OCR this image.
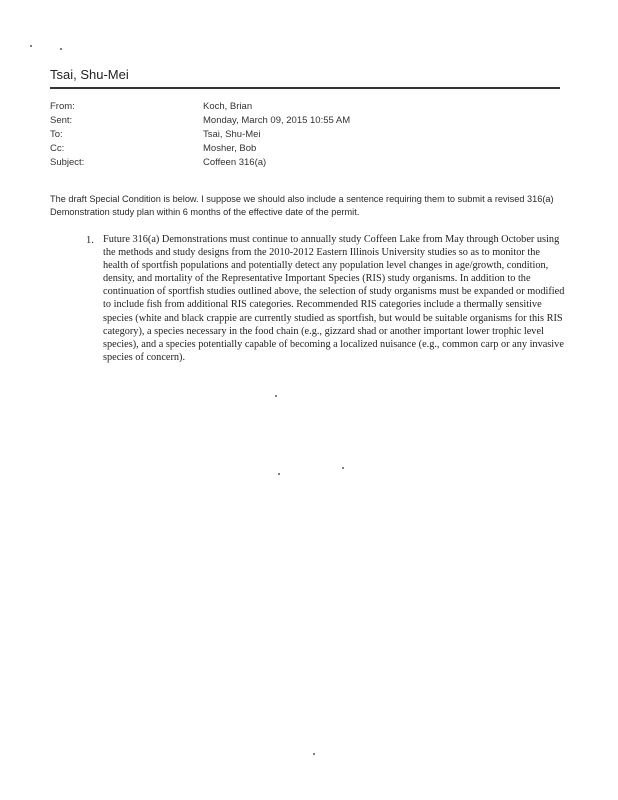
Tsai, Shu-Mei
From:	Koch, Brian
Sent:	Monday, March 09, 2015 10:55 AM
To:	Tsai, Shu-Mei
Cc:	Mosher, Bob
Subject:	Coffeen 316(a)
The draft Special Condition is below. I suppose we should also include a sentence requiring them to submit a revised 316(a) Demonstration study plan within 6 months of the effective date of the permit.
1. Future 316(a) Demonstrations must continue to annually study Coffeen Lake from May through October using the methods and study designs from the 2010-2012 Eastern Illinois University studies so as to monitor the health of sportfish populations and potentially detect any population level changes in age/growth, condition, density, and mortality of the Representative Important Species (RIS) study organisms. In addition to the continuation of sportfish studies outlined above, the selection of study organisms must be expanded or modified to include fish from additional RIS categories. Recommended RIS categories include a thermally sensitive species (white and black crappie are currently studied as sportfish, but would be suitable organisms for this RIS category), a species necessary in the food chain (e.g., gizzard shad or another important lower trophic level species), and a species potentially capable of becoming a localized nuisance (e.g., common carp or any invasive species of concern).
